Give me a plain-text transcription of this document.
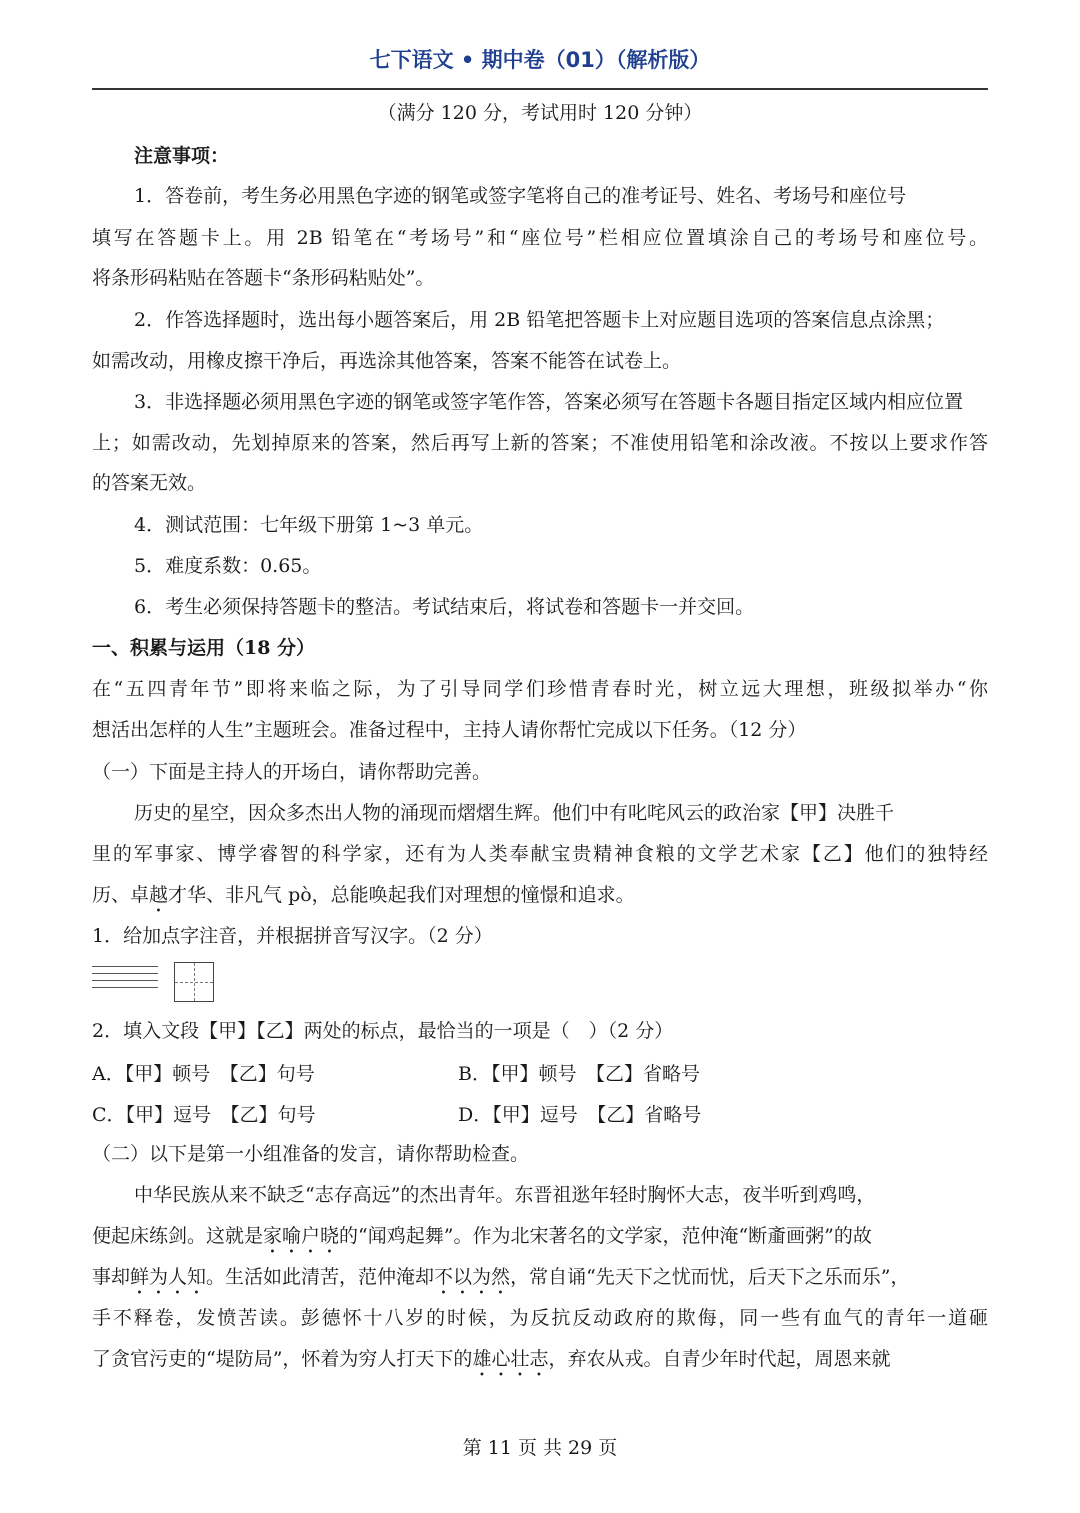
七下语文 • 期中卷（01）（解析版）
（满分 120 分，考试用时 120 分钟）
注意事项：
1．答卷前，考生务必用黑色字迹的钢笔或签字笔将自己的准考证号、姓名、考场号和座位号
填写在答题卡上。用 2B 铅笔在“考场号”和“座位号”栏相应位置填涂自己的考场号和座位号。
将条形码粘贴在答题卡“条形码粘贴处”。
2．作答选择题时，选出每小题答案后，用 2B 铅笔把答题卡上对应题目选项的答案信息点涂黑；
如需改动，用橡皮擦干净后，再选涂其他答案，答案不能答在试卷上。
3．非选择题必须用黑色字迹的钢笔或签字笔作答，答案必须写在答题卡各题目指定区域内相应位置
上；如需改动，先划掉原来的答案，然后再写上新的答案；不准使用铅笔和涂改液。不按以上要求作答
的答案无效。
4．测试范围：七年级下册第 1~3 单元。
5．难度系数：0.65。
6．考生必须保持答题卡的整洁。考试结束后，将试卷和答题卡一并交回。
一、积累与运用（18 分）
在“五四青年节”即将来临之际，为了引导同学们珍惜青春时光，树立远大理想，班级拟举办“你
想活出怎样的人生”主题班会。准备过程中，主持人请你帮忙完成以下任务。（12 分）
（一）下面是主持人的开场白，请你帮助完善。
历史的星空，因众多杰出人物的涌现而熠熠生辉。他们中有叱咤风云的政治家【甲】决胜千
里的军事家、博学睿智的科学家，还有为人类奉献宝贵精神食粮的文学艺术家【乙】他们的独特经
历、卓越才华、非凡气 pò，总能唤起我们对理想的憧憬和追求。
1．给加点字注音，并根据拼音写汉字。（2 分）
2．填入文段【甲】【乙】两处的标点，最恰当的一项是（　）（2 分）
A．【甲】顿号　【乙】句号	B．【甲】顿号　【乙】省略号
C．【甲】逗号　【乙】句号	D．【甲】逗号　【乙】省略号
（二）以下是第一小组准备的发言，请你帮助检查。
中华民族从来不缺乏“志存高远”的杰出青年。东晋祖逖年轻时胸怀大志，夜半听到鸡鸣，
便起床练剑。这就是家喻户晓的“闻鸡起舞”。作为北宋著名的文学家，范仲淹“断齑画粥”的故
事却鲜为人知。生活如此清苦，范仲淹却不以为然，常自诵“先天下之忧而忧，后天下之乐而乐”，
手不释卷，发愤苦读。彭德怀十八岁的时候，为反抗反动政府的欺侮，同一些有血气的青年一道砸
了贪官污吏的“堤防局”，怀着为穷人打天下的雄心壮志，弃农从戎。自青少年时代起，周恩来就
第 11 页 共 29 页
